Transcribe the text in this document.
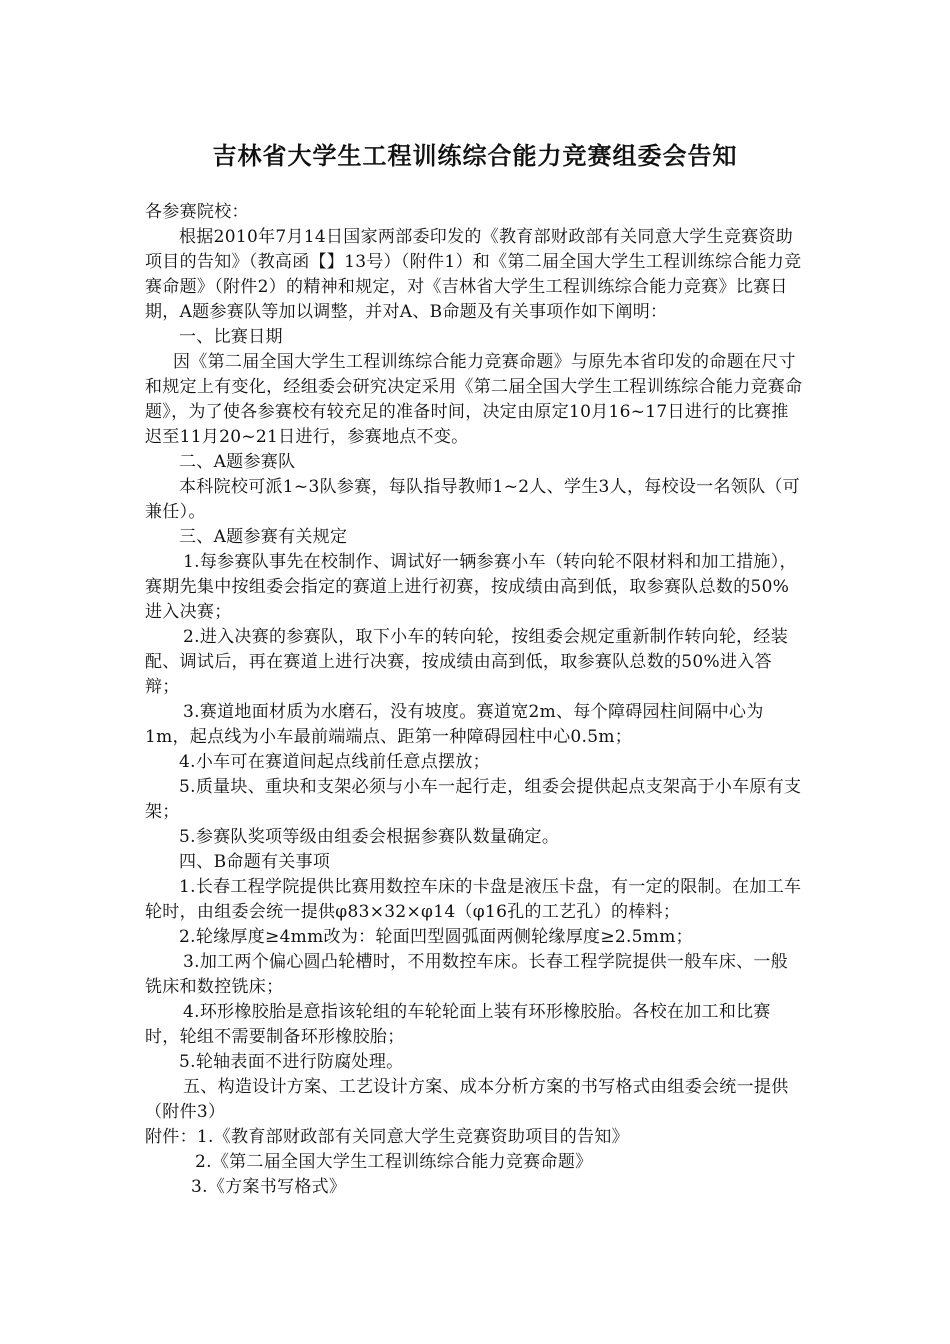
吉林省大学生工程训练综合能力竞赛组委会告知

各参赛院校：

根据2010年7月14日国家两部委印发的《教育部财政部有关同意大学生竞赛资助项目的告知》（教高函【】13号）（附件1）和《第二届全国大学生工程训练综合能力竞赛命题》（附件2）的精神和规定，对《吉林省大学生工程训练综合能力竞赛》比赛日期，A题参赛队等加以调整，并对A、B命题及有关事项作如下阐明：

一、比赛日期

因《第二届全国大学生工程训练综合能力竞赛命题》与原先本省印发的命题在尺寸和规定上有变化，经组委会研究决定采用《第二届全国大学生工程训练综合能力竞赛命题》，为了使各参赛校有较充足的准备时间，决定由原定10月16~17日进行的比赛推迟至11月20~21日进行，参赛地点不变。

二、A题参赛队

本科院校可派1~3队参赛，每队指导教师1~2人、学生3人，每校设一名领队（可兼任）。

三、A题参赛有关规定

1.每参赛队事先在校制作、调试好一辆参赛小车（转向轮不限材料和加工措施），赛期先集中按组委会指定的赛道上进行初赛，按成绩由高到低，取参赛队总数的50%进入决赛；

2.进入决赛的参赛队，取下小车的转向轮，按组委会规定重新制作转向轮，经装配、调试后，再在赛道上进行决赛，按成绩由高到低，取参赛队总数的50%进入答辩；

3.赛道地面材质为水磨石，没有坡度。赛道宽2m、每个障碍园柱间隔中心为1m，起点线为小车最前端端点、距第一种障碍园柱中心0.5m；

4.小车可在赛道间起点线前任意点摆放；

5.质量块、重块和支架必须与小车一起行走，组委会提供起点支架高于小车原有支架；

5.参赛队奖项等级由组委会根据参赛队数量确定。

四、B命题有关事项

1.长春工程学院提供比赛用数控车床的卡盘是液压卡盘，有一定的限制。在加工车轮时，由组委会统一提供φ83×32×φ14（φ16孔的工艺孔）的棒料；

2.轮缘厚度≥4mm改为：轮面凹型圆弧面两侧轮缘厚度≥2.5mm；

3.加工两个偏心圆凸轮槽时，不用数控车床。长春工程学院提供一般车床、一般铣床和数控铣床；

4.环形橡胶胎是意指该轮组的车轮轮面上装有环形橡胶胎。各校在加工和比赛时，轮组不需要制备环形橡胶胎；

5.轮轴表面不进行防腐处理。

五、构造设计方案、工艺设计方案、成本分析方案的书写格式由组委会统一提供（附件3）

附件：1.《教育部财政部有关同意大学生竞赛资助项目的告知》

2.《第二届全国大学生工程训练综合能力竞赛命题》

3.《方案书写格式》
